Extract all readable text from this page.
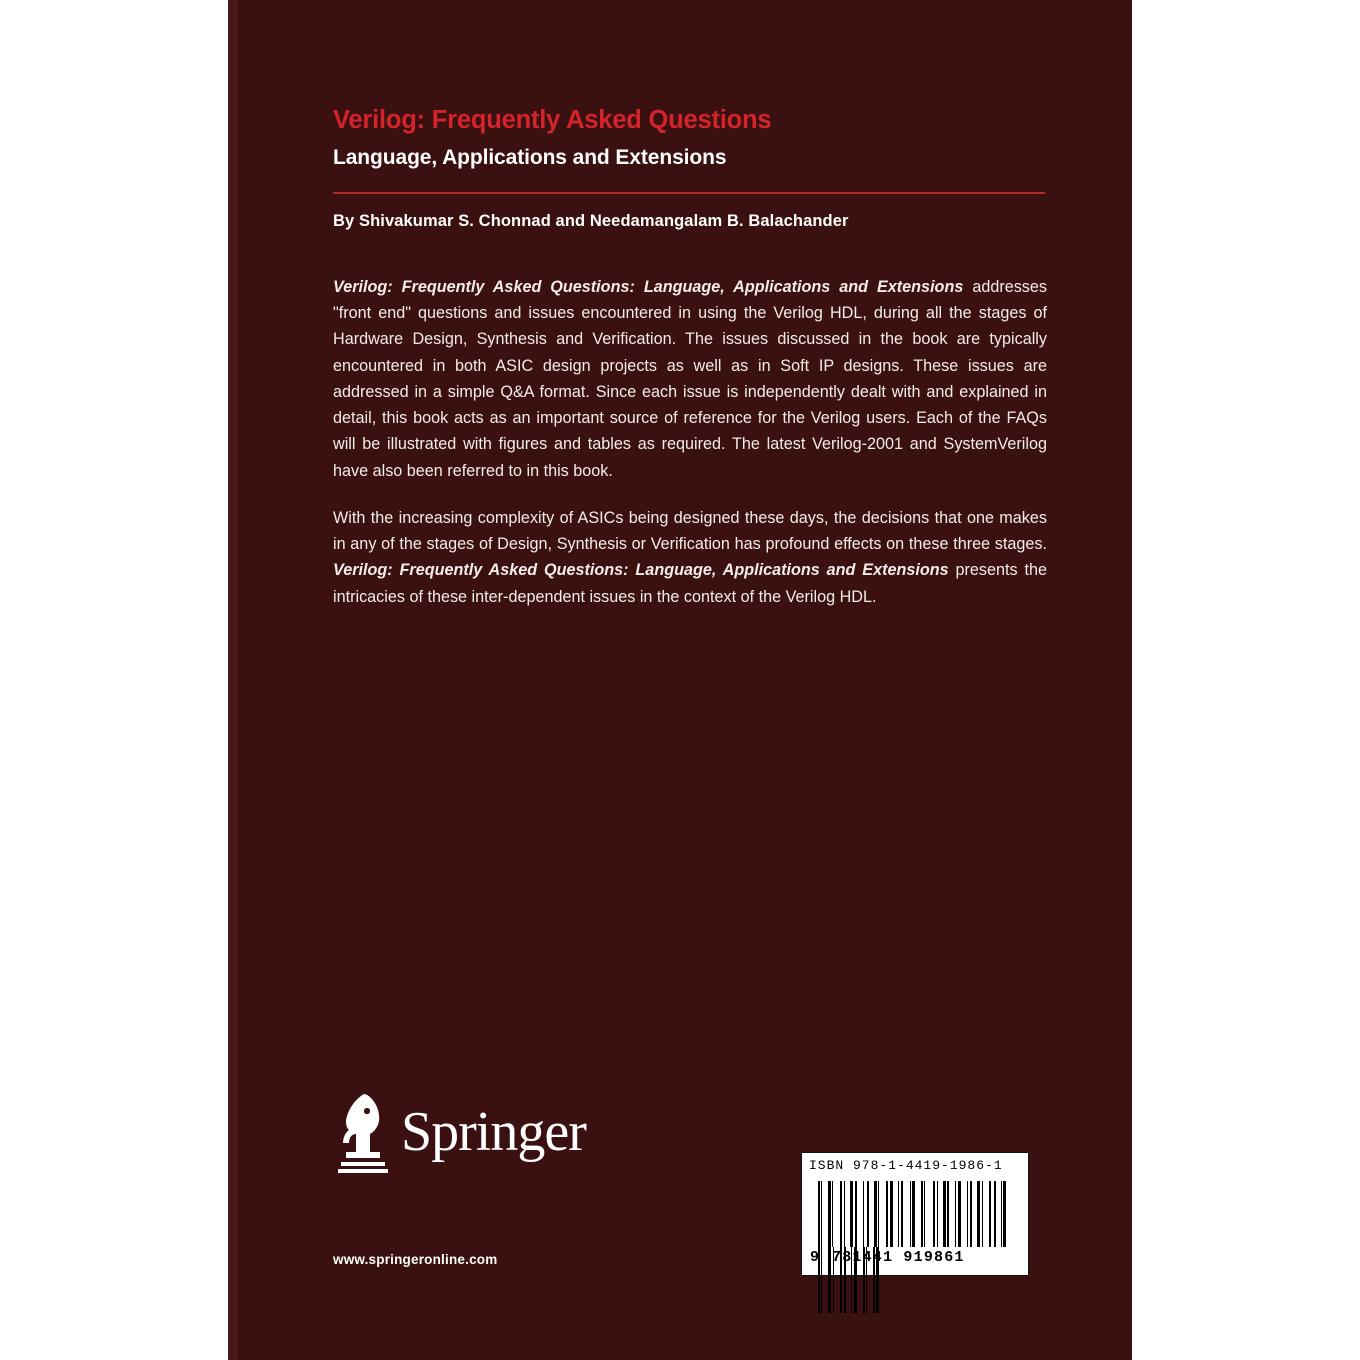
Verilog: Frequently Asked Questions
Language, Applications and Extensions
By Shivakumar S. Chonnad and Needamangalam B. Balachander

Verilog: Frequently Asked Questions: Language, Applications and Extensions addresses "front end" questions and issues encountered in using the Verilog HDL, during all the stages of Hardware Design, Synthesis and Verification. The issues discussed in the book are typically encountered in both ASIC design projects as well as in Soft IP designs. These issues are addressed in a simple Q&A format. Since each issue is independently dealt with and explained in detail, this book acts as an important source of reference for the Verilog users. Each of the FAQs will be illustrated with figures and tables as required. The latest Verilog-2001 and SystemVerilog have also been referred to in this book.

With the increasing complexity of ASICs being designed these days, the decisions that one makes in any of the stages of Design, Synthesis or Verification has profound effects on these three stages. Verilog: Frequently Asked Questions: Language, Applications and Extensions presents the intricacies of these inter-dependent issues in the context of the Verilog HDL.

Springer
www.springeronline.com
ISBN 978-1-4419-1986-1

9 781441 919861
